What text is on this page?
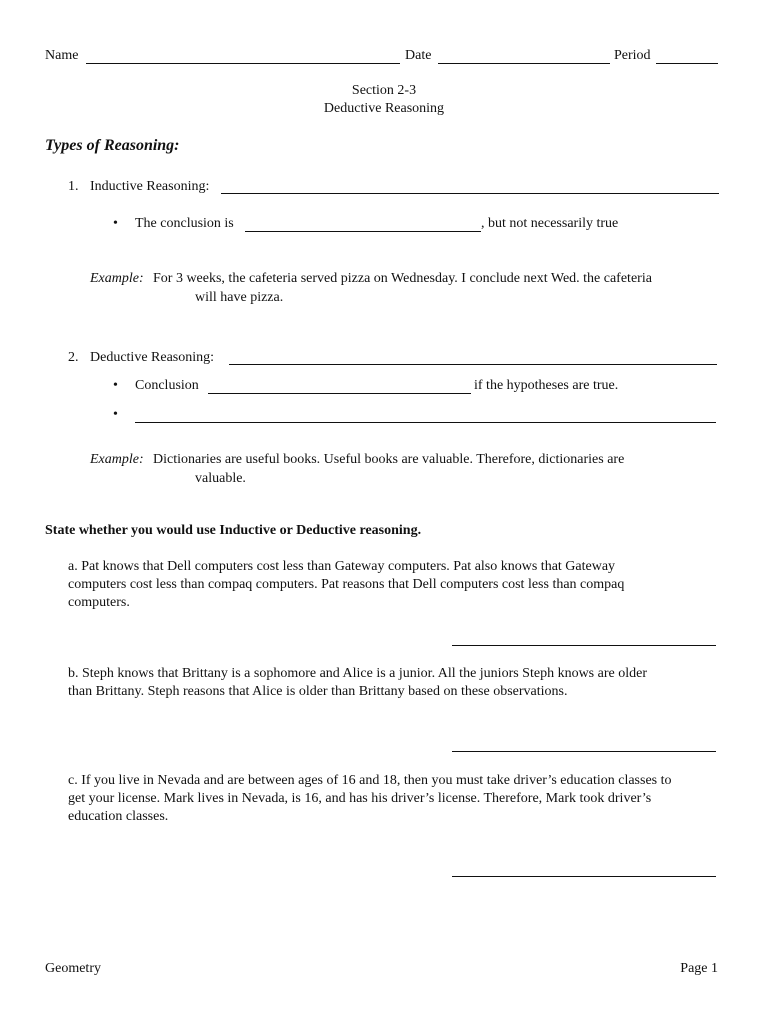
Name	Date	Period
Section 2-3
Deductive Reasoning
Types of Reasoning:
1. Inductive Reasoning:
• The conclusion is	, but not necessarily true
Example: For 3 weeks, the cafeteria served pizza on Wednesday. I conclude next Wed. the cafeteria
will have pizza.
2. Deductive Reasoning:
• Conclusion	if the hypotheses are true.
•
Example: Dictionaries are useful books. Useful books are valuable. Therefore, dictionaries are
valuable.
State whether you would use Inductive or Deductive reasoning.
a. Pat knows that Dell computers cost less than Gateway computers. Pat also knows that Gateway
computers cost less than compaq computers. Pat reasons that Dell computers cost less than compaq
computers.
b. Steph knows that Brittany is a sophomore and Alice is a junior. All the juniors Steph knows are older
than Brittany. Steph reasons that Alice is older than Brittany based on these observations.
c. If you live in Nevada and are between ages of 16 and 18, then you must take driver’s education classes to
get your license. Mark lives in Nevada, is 16, and has his driver’s license. Therefore, Mark took driver’s
education classes.
Geometry	Page 1
